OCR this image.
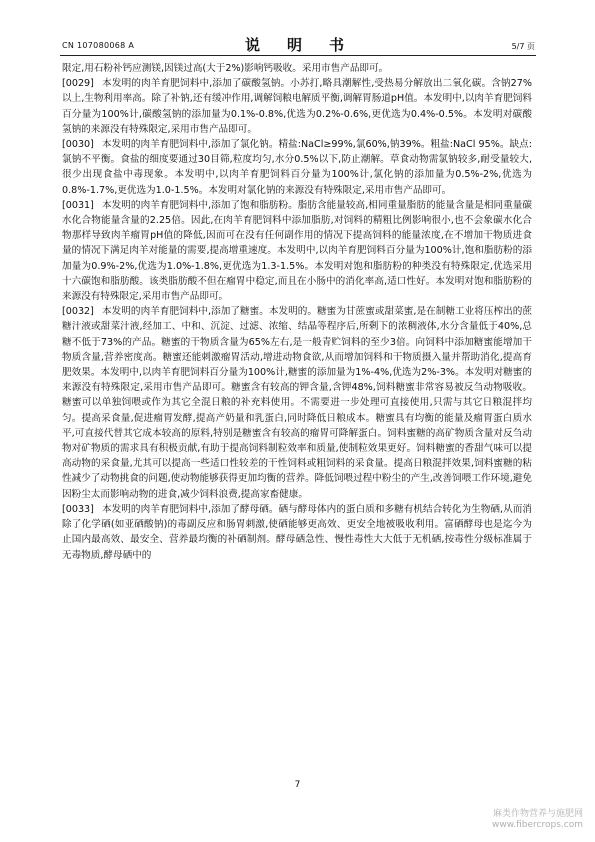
CN 107080068 A	说　明　书	5/7 页

限定,用石粉补钙应测镁,因镁过高(大于2%)影响钙吸收。采用市售产品即可。

[0029] 本发明的肉羊育肥饲料中,添加了碳酸氢钠。小苏打,略具潮解性,受热易分解放出二氧化碳。含钠27%以上,生物利用率高。除了补钠,还有缓冲作用,调解饲粮电解质平衡,调解胃肠道pH值。本发明中,以肉羊育肥饲料百分量为100%计,碳酸氢钠的添加量为0.1%-0.8%,优选为0.2%-0.6%,更优选为0.4%-0.5%。本发明对碳酸氢钠的来源没有特殊限定,采用市售产品即可。

[0030] 本发明的肉羊育肥饲料中,添加了氯化钠。精盐:NaCl≥99%,氯60%,钠39%。粗盐:NaCl 95%。缺点:氯钠不平衡。食盐的细度要通过30目筛,粒度均匀,水分0.5%以下,防止潮解。草食动物需氯钠较多,耐受量较大,很少出现食盐中毒现象。本发明中,以肉羊育肥饲料百分量为100%计,氯化钠的添加量为0.5%-2%,优选为0.8%-1.7%,更优选为1.0-1.5%。本发明对氯化钠的来源没有特殊限定,采用市售产品即可。

[0031] 本发明的肉羊育肥饲料中,添加了饱和脂肪粉。脂肪含能量较高,相同重量脂肪的能量含量是相同重量碳水化合物能量含量的2.25倍。因此,在肉羊育肥饲料中添加脂肪,对饲料的精粗比例影响很小,也不会象碳水化合物那样导致肉羊瘤胃pH值的降低,因而可在没有任何副作用的情况下提高饲料的能量浓度,在不增加干物质进食量的情况下满足肉羊对能量的需要,提高增重速度。本发明中,以肉羊育肥饲料百分量为100%计,饱和脂肪粉的添加量为0.9%-2%,优选为1.0%-1.8%,更优选为1.3-1.5%。本发明对饱和脂肪粉的种类没有特殊限定,优选采用十六碳饱和脂肪酸。该类脂肪酸不但在瘤胃中稳定,而且在小肠中的消化率高,适口性好。本发明对饱和脂肪粉的来源没有特殊限定,采用市售产品即可。

[0032] 本发明的肉羊育肥饲料中,添加了糖蜜。本发明的。糖蜜为甘蔗蜜或甜菜蜜,是在制糖工业将压榨出的蔗糖汁液或甜菜汁液,经加工、中和、沉淀、过滤、浓缩、结晶等程序后,所剩下的浓稠液体,水分含量低于40%,总糖不低于73%的产品。糖蜜的干物质含量为65%左右,是一般青贮饲料的至少3倍。向饲料中添加糖蜜能增加干物质含量,营养密度高。糖蜜还能刺激瘤胃活动,增进动物食欲,从而增加饲料和干物质摄入量并帮助消化,提高育肥效果。本发明中,以肉羊育肥饲料百分量为100%计,糖蜜的添加量为1%-4%,优选为2%-3%。本发明对糖蜜的来源没有特殊限定,采用市售产品即可。糖蜜含有较高的钾含量,含钾48%,饲料糖蜜非常容易被反刍动物吸收。糖蜜可以单独饲喂或作为其它全混日粮的补充料使用。不需要进一步处理可直接使用,只需与其它日粮混拌均匀。提高采食量,促进瘤胃发酵,提高产奶量和乳蛋白,同时降低日粮成本。糖蜜具有均衡的能量及瘤胃蛋白质水平,可直接代替其它成本较高的原料,特别是糖蜜含有较高的瘤胃可降解蛋白。饲料蜜糖的高矿物质含量对反刍动物对矿物质的需求具有积极贡献,有助于提高饲料制粒效率和质量,使制粒效果更好。饲料糖蜜的香甜气味可以提高动物的采食量,尤其可以提高一些适口性较差的干性饲料或粗饲料的采食量。提高日粮混拌效果,饲料蜜糖的粘性减少了动物挑食的问题,使动物能够获得更加均衡的营养。降低饲喂过程中粉尘的产生,改善饲喂工作环境,避免因粉尘太而影响动物的进食,减少饲料浪费,提高家畜健康。

[0033] 本发明的肉羊育肥饲料中,添加了酵母硒。硒与酵母体内的蛋白质和多糖有机结合转化为生物硒,从而消除了化学硒(如亚硒酸钠)的毒副反应和肠胃刺激,使硒能够更高效、更安全地被吸收利用。富硒酵母也是迄今为止国内最高效、最安全、营养最均衡的补硒制剂。酵母硒急性、慢性毒性大大低于无机硒,按毒性分级标准属于无毒物质,酵母硒中的

7
麻类作物营养与施肥网
www.fibercrops.com
